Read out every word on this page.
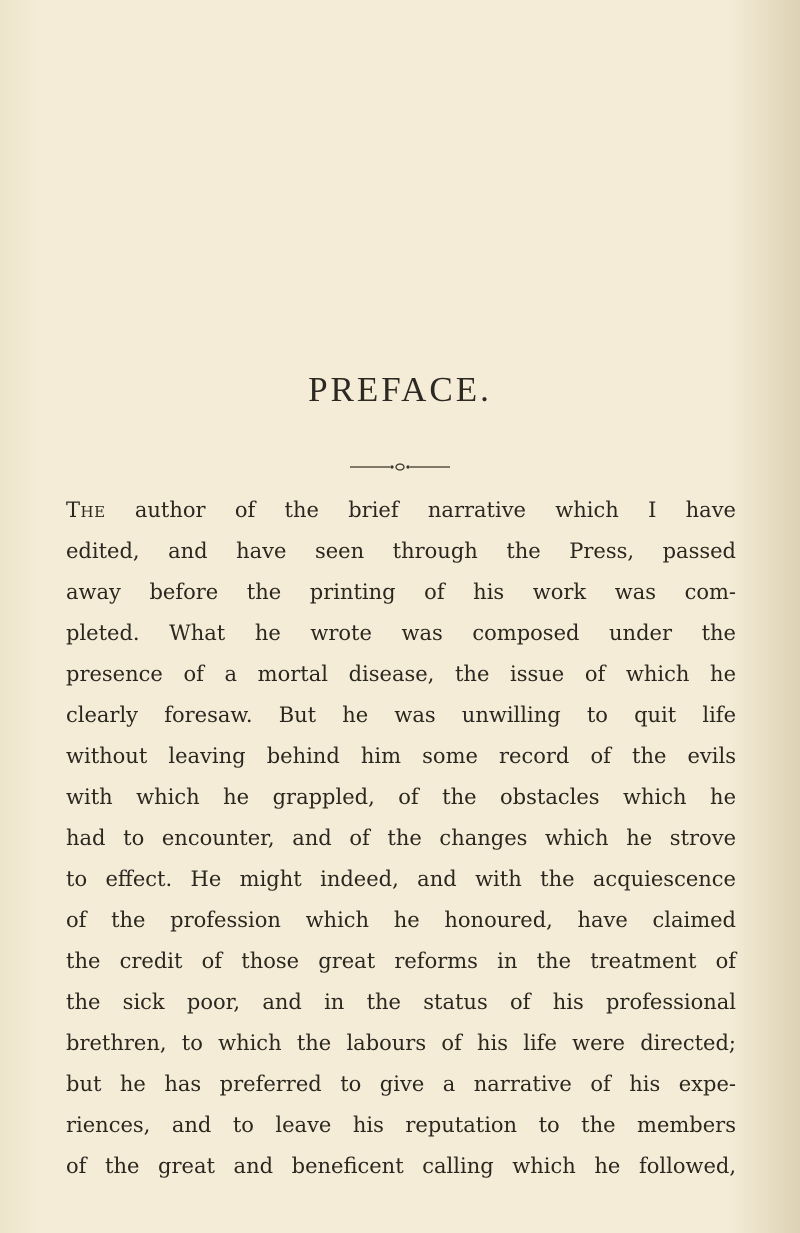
PREFACE.
The author of the brief narrative which I have
edited, and have seen through the Press, passed
away before the printing of his work was com-
pleted. What he wrote was composed under the
presence of a mortal disease, the issue of which he
clearly foresaw. But he was unwilling to quit life
without leaving behind him some record of the evils
with which he grappled, of the obstacles which he
had to encounter, and of the changes which he strove
to effect. He might indeed, and with the acquiescence
of the profession which he honoured, have claimed
the credit of those great reforms in the treatment of
the sick poor, and in the status of his professional
brethren, to which the labours of his life were directed;
but he has preferred to give a narrative of his expe-
riences, and to leave his reputation to the members
of the great and beneficent calling which he followed,
